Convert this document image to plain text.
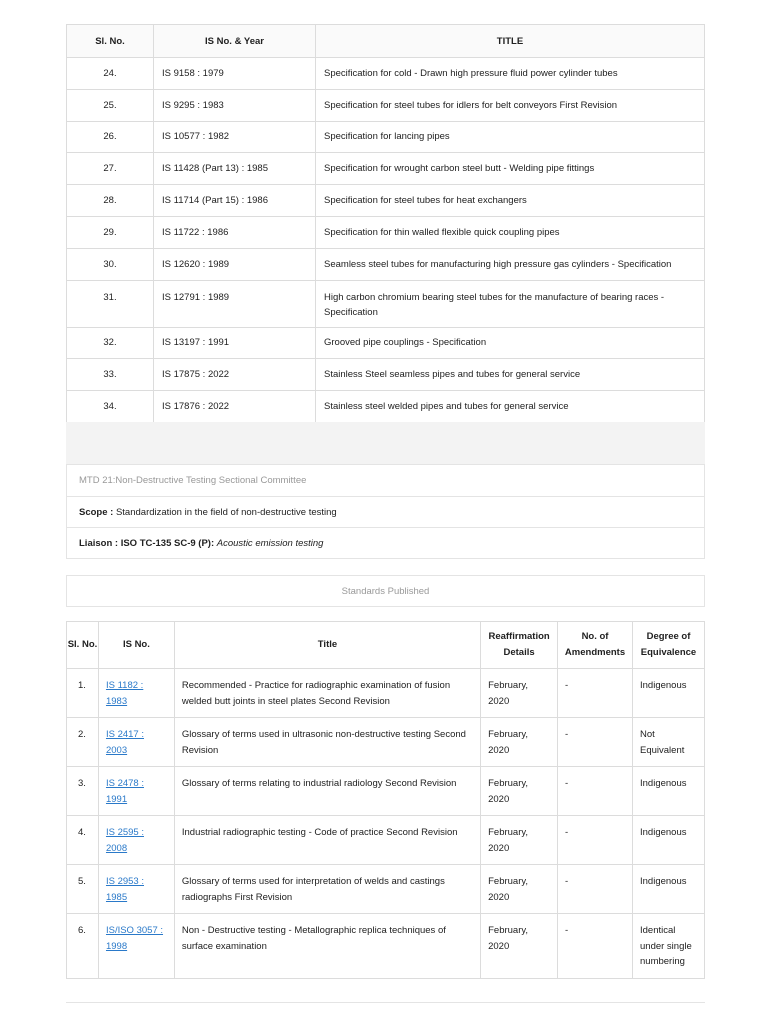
Sl. No.	IS No. & Year	TITLE
24.	IS 9158 : 1979	Specification for cold - Drawn high pressure fluid power cylinder tubes
25.	IS 9295 : 1983	Specification for steel tubes for idlers for belt conveyors First Revision
26.	IS 10577 : 1982	Specification for lancing pipes
27.	IS 11428 (Part 13) : 1985	Specification for wrought carbon steel butt - Welding pipe fittings
28.	IS 11714 (Part 15) : 1986	Specification for steel tubes for heat exchangers
29.	IS 11722 : 1986	Specification for thin walled flexible quick coupling pipes
30.	IS 12620 : 1989	Seamless steel tubes for manufacturing high pressure gas cylinders - Specification
31.	IS 12791 : 1989	High carbon chromium bearing steel tubes for the manufacture of bearing races - Specification
32.	IS 13197 : 1991	Grooved pipe couplings - Specification
33.	IS 17875 : 2022	Stainless Steel seamless pipes and tubes for general service
34.	IS 17876 : 2022	Stainless steel welded pipes and tubes for general service
MTD 21:Non-Destructive Testing Sectional Committee
Scope :
Standardization in the field of non-destructive testing
Liaison : ISO TC-135 SC-9 (P):
Acoustic emission testing
Standards Published
Sl. No.	IS No.	Title	Reaffirmation Details	No. of Amendments	Degree of Equivalence
1.	IS 1182 : 1983	Recommended - Practice for radiographic examination of fusion welded butt joints in steel plates Second Revision	February, 2020	-	Indigenous
2.	IS 2417 : 2003	Glossary of terms used in ultrasonic non-destructive testing Second Revision	February, 2020	-	Not Equivalent
3.	IS 2478 : 1991	Glossary of terms relating to industrial radiology Second Revision	February, 2020	-	Indigenous
4.	IS 2595 : 2008	Industrial radiographic testing - Code of practice Second Revision	February, 2020	-	Indigenous
5.	IS 2953 : 1985	Glossary of terms used for interpretation of welds and castings radiographs First Revision	February, 2020	-	Indigenous
6.	IS/ISO 3057 : 1998	Non - Destructive testing - Metallographic replica techniques of surface examination	February, 2020	-	Identical under single numbering
